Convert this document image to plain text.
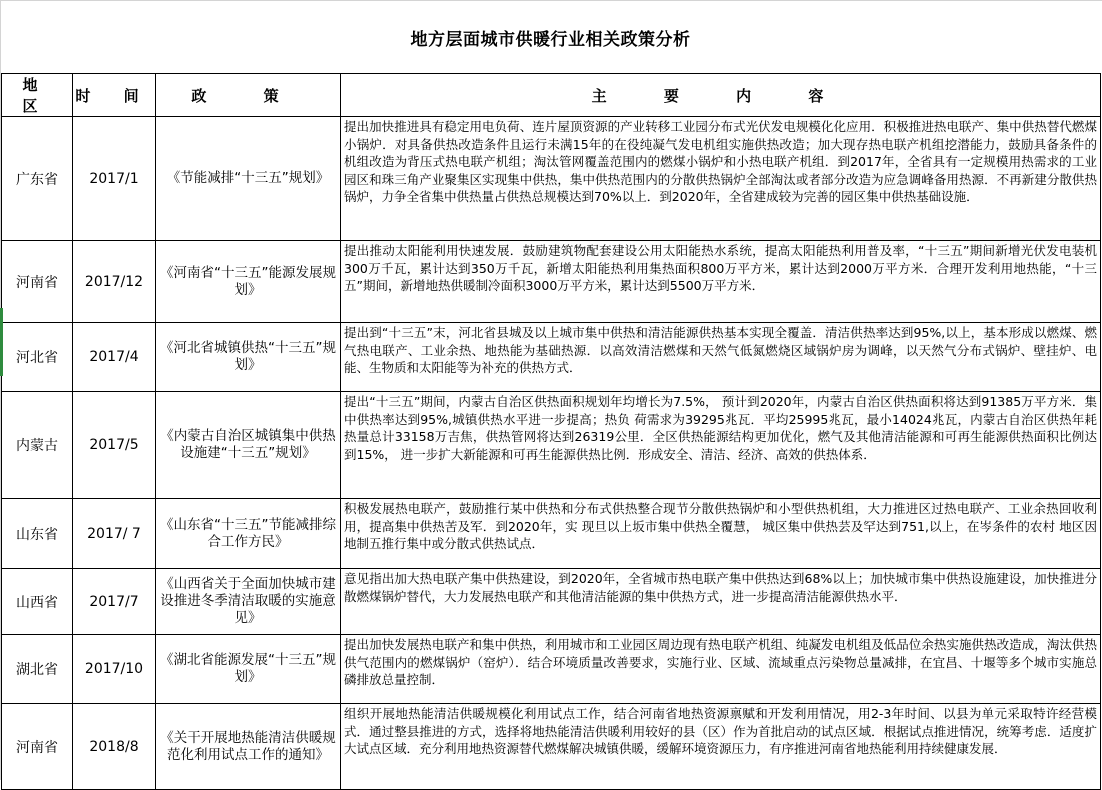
地方层面城市供暖行业相关政策分析
地 区	时 间	政 策	主 要 内 容
广东省	2017/1	《节能减排“十三五”规划》	提出加快推进具有稳定用电负荷、连片屋顶资源的产业转移工业园分布式光伏发电规模化化应用．积极推进热电联产、集中供热替代燃煤小锅炉．对具备供热改造条件且运行未满15年的在役纯凝气发电机组实施供热改造；加大现存热电联产机组挖潜能力，鼓励具备条件的机组改造为背压式热电联产机组；淘汰管网覆盖范围内的燃煤小锅炉和小热电联产机组．到2017年，全省具有一定规模用热需求的工业园区和珠三角产业聚集区实现集中供热，集中供热范围内的分散供热锅炉全部淘汰或者部分改造为应急调峰备用热源．不再新建分散供热锅炉，力争全省集中供热量占供热总规模达到70%以上．到2020年，全省建成较为完善的园区集中供热基础设施．
河南省	2017/12	《河南省“十三五”能源发展规划》	提出推动太阳能利用快速发展．鼓励建筑物配套建设公用太阳能热水系统，提高太阳能热利用普及率，“十三五”期间新增光伏发电装机300万千瓦，累计达到350万千瓦，新增太阳能热利用集热面积800万平方米，累计达到2000万平方米．合理开发利用地热能，“十三五”期间，新增地热供暖制冷面积3000万平方米，累计达到5500万平方米．
河北省	2017/4	《河北省城镇供热“十三五”规划》	提出到“十三五”末，河北省县城及以上城市集中供热和清洁能源供热基本实现全覆盖．清洁供热率达到95%,以上，基本形成以燃煤、燃气热电联产、工业余热、地热能为基础热源．以高效清洁燃煤和天然气低氮燃烧区域锅炉房为调峰，以天然气分布式锅炉、壁挂炉、电能、生物质和太阳能等为补充的供热方式．
内蒙古	2017/5	《内蒙古自治区城镇集中供热设施建“十三五”规划》	提出“十三五”期间，内蒙古自治区供热面积规划年均增长为7.5%， 预计到2020年，内蒙古自治区供热面积将达到91385万平方米．集中供热率达到95%,城镇供热水平进一步提高；热负 荷需求为39295兆瓦．平均25995兆瓦，最小14024兆瓦，内蒙古自治区供热年耗热量总计33158万吉焦，供热管网将达到26319公里．全区供热能源结构更加优化，燃气及其他清洁能源和可再生能源供热面积比例达到15%， 进一步扩大新能源和可再生能源供热比例．形成安全、清洁、经济、高效的供热体系．
山东省	2017/ 7	《山东省“十三五”节能减排综合工作方民》	积极发展热电联产，鼓励推行某中供热和分布式供热整合现节分散供热锅炉和小型供热机组，大力推进区过热电联产、工业余热回收利用，提高集中供热苦及军．到2020年，实 现旦以上坂市集中供热全覆慧， 城区集中供热芸及罕达到751,以上，在岑条件的农村 地区因地制五推行集中或分散式供热试点．
山西省	2017/7	《山西省关于全面加快城市建设推进冬季清洁取暖的实施意见》	意见指出加大热电联产集中供热建设，到2020年，全省城市热电联产集中供热达到68%以上；加快城市集中供热设施建设，加快推进分散燃煤锅炉替代，大力发展热电联产和其他清洁能源的集中供热方式，进一步提高清洁能源供热水平．
湖北省	2017/10	《湖北省能源发展“十三五”规划》	提出加快发展热电联产和集中供热，利用城市和工业园区周边现有热电联产机组、纯凝发电机组及低品位余热实施供热改造成，淘汰供热供气范围内的燃煤锅炉（窑炉）．结合环境质量改善要求，实施行业、区域、流域重点污染物总量减排，在宜昌、十堰等多个城市实施总磷排放总量控制．
河南省	2018/8	《关干开展地热能清洁供暖规范化利用试点工作的通知》	组织开展地热能清洁供暖规模化利用试点工作，结合河南省地热资源禀赋和开发利用情况，用2-3年时间、以县为单元采取特许经营模式．通过整县推进的方式，选择将地热能清洁供暖利用较好的县（区）作为首批启动的试点区域．根据试点推进情况，统筹考虑．适度扩大试点区域．充分利用地热资源替代燃煤解决城镇供暖，缓解环境资源压力，有序推进河南省地热能利用持续健康发展．
